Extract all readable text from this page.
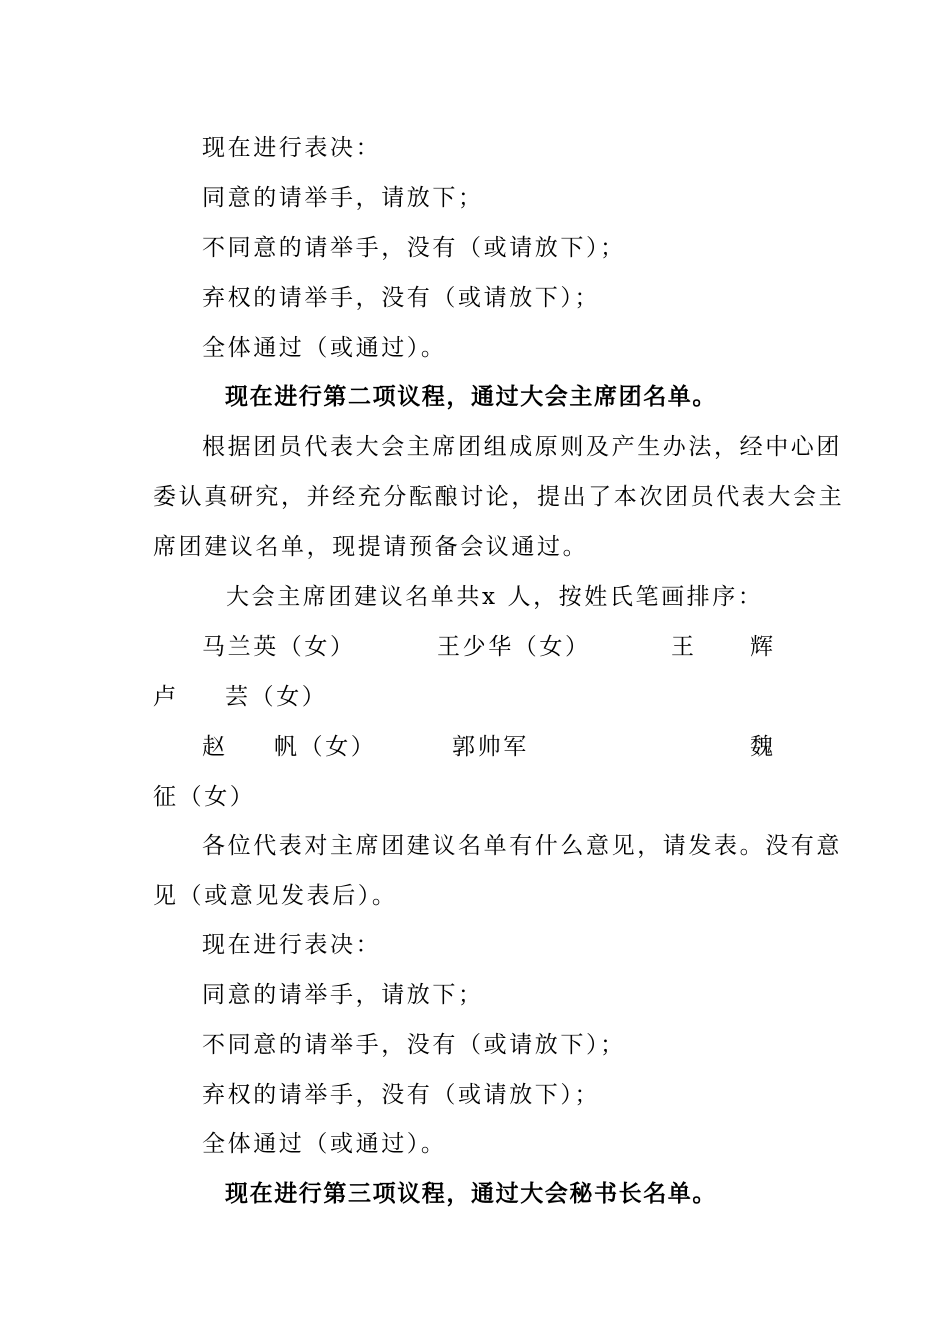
现在进行表决：
同意的请举手，请放下；
不同意的请举手，没有（或请放下）；
弃权的请举手，没有（或请放下）；
全体通过（或通过）。
现在进行第二项议程，通过大会主席团名单。
根据团员代表大会主席团组成原则及产生办法，经中心团
委认真研究，并经充分酝酿讨论，提出了本次团员代表大会主
席团建议名单，现提请预备会议通过。
大会主席团建议名单共x 人，按姓氏笔画排序：
马兰英（女）	王少华（女）	王 辉
卢 芸（女）
赵 帆（女）	郭帅军	魏
征（女）
各位代表对主席团建议名单有什么意见，请发表。没有意
见（或意见发表后）。
现在进行表决：
同意的请举手，请放下；
不同意的请举手，没有（或请放下）；
弃权的请举手，没有（或请放下）；
全体通过（或通过）。
现在进行第三项议程，通过大会秘书长名单。
